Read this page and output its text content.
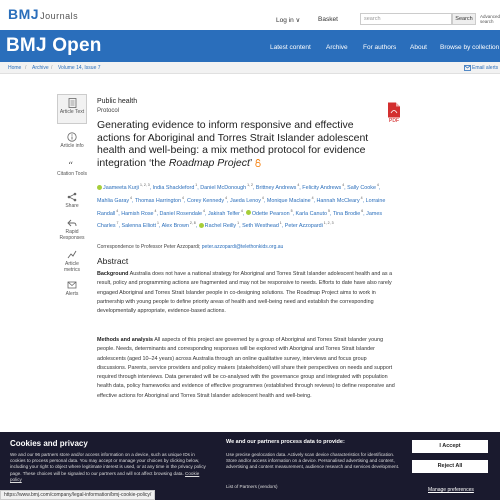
BMJJournals	Log in ∨	Basket	search	Search	Advanced search
BMJ Open	Latest content Archive For authors About Browse by collection
Home / Archive / Volume 14, Issue 7	Email alerts
Article Text
Article info
“
Citation Tools
Share
Rapid Responses
Article metrics
Alerts
Public health
Protocol
Generating evidence to inform responsive and effective actions for Aboriginal and Torres Strait Islander adolescent health and well-being: a mix method protocol for evidence integration ‘the Roadmap Project’
PDF
Jaameeta Kurji $^{1, 2, 3}$, India Shackleford $^1$, Daniel McDonough $^{1, 2}$, Brittney Andrews $^4$, Felicity Andrews $^4$, Sally Cooke $^4$, Mahlia Garay $^4$, Thomas Harrington $^4$, Corey Kennedy $^4$, Jaeda Lenoy $^4$, Monique Maclaine $^4$, Hannah McCleary $^4$, Lorraine Randall $^4$, Hamish Rose $^4$, Daniel Rosendale $^4$, Jakirah Telfer $^4$, Odette Pearson $^5$, Karla Canuto $^5$, Tina Brodie $^6$, James Charles $^7$, Salenna Elliott $^1$, Alex Brown $^{2, 8}$, Rachel Reilly $^1$, Seth Westhead $^1$, Peter Azzopardi $^{1, 2, 3}$
Correspondence to Professor Peter Azzopardi; peter.azzopardi@telethonkids.org.au
Abstract
Background Australia does not have a national strategy for Aboriginal and Torres Strait Islander adolescent health and as a result, policy and programming actions are fragmented and may not be responsive to needs. Efforts to date have also rarely engaged Aboriginal and Torres Strait Islander people in co-designing solutions. The Roadmap Project aims to work in partnership with young people to define priority areas of health and well-being need and establish the corresponding developmentally appropriate, evidence-based actions.
Methods and analysis All aspects of this project are governed by a group of Aboriginal and Torres Strait Islander young people. Needs, determinants and corresponding responses will be explored with Aboriginal and Torres Strait Islander adolescents (aged 10–24 years) across Australia through an online qualitative survey, interviews and focus group discussions. Parents, service providers and policy makers (stakeholders) will share their perspectives on needs and support required through interviews. Data generated will be co-analysed with the governance group and integrated with population health data, policy frameworks and evidence of effective programmes (established through reviews) to define responsive and effective actions for Aboriginal and Torres Strait Islander adolescent health and well-being.
Cookies and privacy
We and our 96 partners store and/or access information on a device, such as unique IDs in cookies to process personal data. You may accept or manage your choices by clicking below, including your right to object where legitimate interest is used, or at any time in the privacy policy page. These choices will be signaled to our partners and will not affect browsing data. Cookie policy
We and our partners process data to provide:
Use precise geolocation data. Actively scan device characteristics for identification. Store and/or access information on a device. Personalised advertising and content, advertising and content measurement, audience research and services development.
List of Partners (vendors)
I Accept
Reject All
Manage preferences
https://www.bmj.com/company/legal-information/bmj-cookie-policy/
